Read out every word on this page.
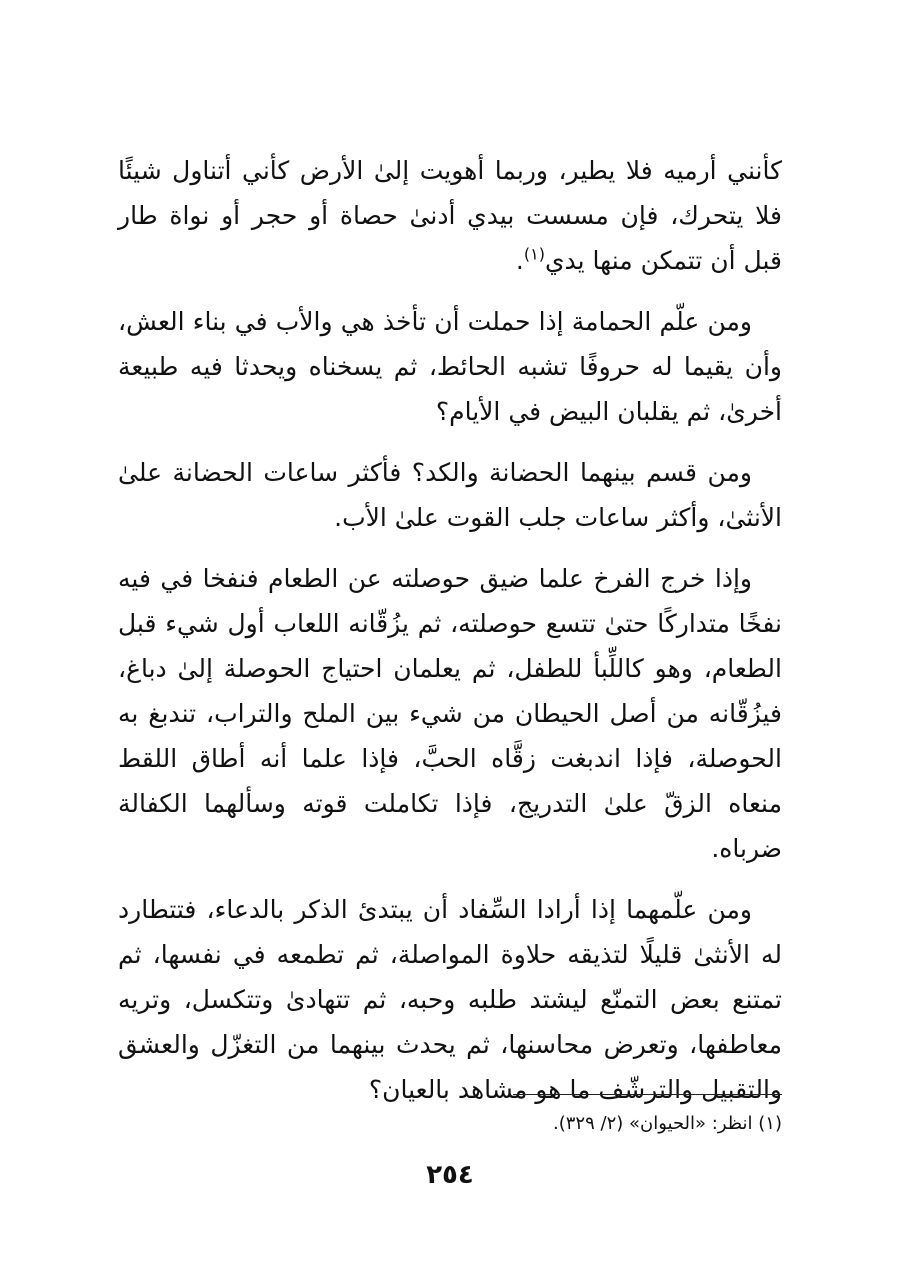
كأنني أرميه فلا يطير، وربما أهويت إلىٰ الأرض كأني أتناول شيئًا فلا يتحرك، فإن مسست بيدي أدنىٰ حصاة أو حجر أو نواة طار قبل أن تتمكن منها يدي$^{(١)}$.

ومن علّم الحمامة إذا حملت أن تأخذ هي والأب في بناء العش، وأن يقيما له حروفًا تشبه الحائط، ثم يسخناه ويحدثا فيه طبيعة أخرىٰ، ثم يقلبان البيض في الأيام؟

ومن قسم بينهما الحضانة والكد؟ فأكثر ساعات الحضانة علىٰ الأنثىٰ، وأكثر ساعات جلب القوت علىٰ الأب.

وإذا خرج الفرخ علما ضيق حوصلته عن الطعام فنفخا في فيه نفخًا متداركًا حتىٰ تتسع حوصلته، ثم يزُقّانه اللعاب أول شيء قبل الطعام، وهو كاللِّبأ للطفل، ثم يعلمان احتياج الحوصلة إلىٰ دباغ، فيزُقّانه من أصل الحيطان من شيء بين الملح والتراب، تندبغ به الحوصلة، فإذا اندبغت زقَّاه الحبَّ، فإذا علما أنه أطاق اللقط منعاه الزقّ علىٰ التدريج، فإذا تكاملت قوته وسألهما الكفالة ضرباه.

ومن علّمهما إذا أرادا السِّفاد أن يبتدئ الذكر بالدعاء، فتتطارد له الأنثىٰ قليلًا لتذيقه حلاوة المواصلة، ثم تطمعه في نفسها، ثم تمتنع بعض التمنّع ليشتد طلبه وحبه، ثم تتهادىٰ وتتكسل، وتريه معاطفها، وتعرض محاسنها، ثم يحدث بينهما من التغزّل والعشق والتقبيل والترشّف ما هو مشاهد بالعيان؟

(١) انظر: «الحيوان» (٢/ ٣٢٩).
٢٥٤
